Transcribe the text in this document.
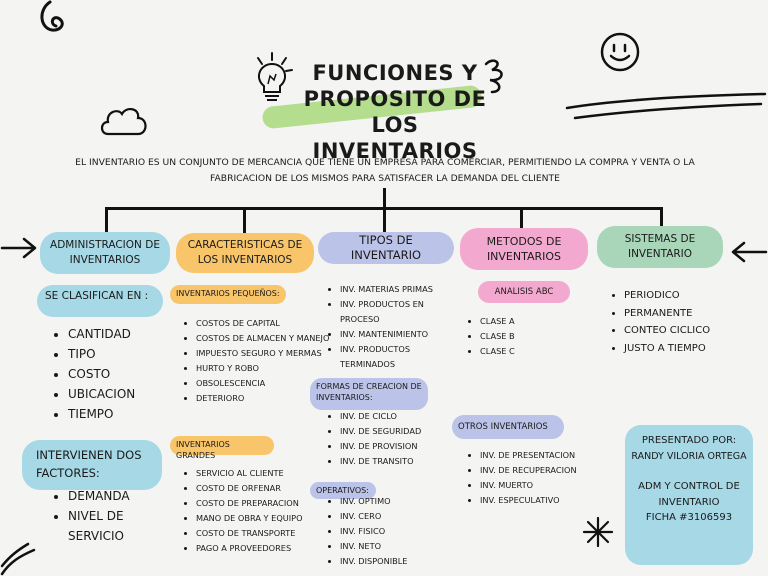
FUNCIONES Y
PROPOSITO DE LOS
INVENTARIOS
EL INVENTARIO ES UN CONJUNTO DE MERCANCIA QUE TIENE UN EMPRESA PARA COMERCIAR, PERMITIENDO LA COMPRA Y VENTA O LA FABRICACION DE LOS MISMOS PARA SATISFACER LA DEMANDA DEL CLIENTE
ADMINISTRACION DE INVENTARIOS
SE CLASIFICAN EN :
• CANTIDAD
• TIPO
• COSTO
• UBICACION
• TIEMPO
INTERVIENEN DOS FACTORES:
• DEMANDA
• NIVEL DE SERVICIO
CARACTERISTICAS DE LOS INVENTARIOS
INVENTARIOS PEQUEÑOS:
• COSTOS DE CAPITAL
• COSTOS DE ALMACEN Y MANEJO
• IMPUESTO SEGURO Y MERMAS
• HURTO Y ROBO
• OBSOLESCENCIA
• DETERIORO
INVENTARIOS GRANDES
• SERVICIO AL CLIENTE
• COSTO DE ORFENAR
• COSTO DE PREPARACION
• MANO DE OBRA Y EQUIPO
• COSTO DE TRANSPORTE
• PAGO A PROVEEDORES
TIPOS DE INVENTARIO
• INV. MATERIAS PRIMAS
• INV. PRODUCTOS EN PROCESO
• INV. MANTENIMIENTO
• INV. PRODUCTOS TERMINADOS
FORMAS DE CREACION DE INVENTARIOS:
• INV. DE CICLO
• INV. DE SEGURIDAD
• INV. DE PROVISION
• INV. DE TRANSITO
OPERATIVOS:
• INV. OPTIMO
• INV. CERO
• INV. FISICO
• INV. NETO
• INV. DISPONIBLE
METODOS DE INVENTARIOS
ANALISIS ABC
• CLASE A
• CLASE B
• CLASE C
OTROS INVENTARIOS
• INV. DE PRESENTACION
• INV. DE RECUPERACION
• INV. MUERTO
• INV. ESPECULATIVO
SISTEMAS DE INVENTARIO
• PERIODICO
• PERMANENTE
• CONTEO CICLICO
• JUSTO A TIEMPO
PRESENTADO POR:
RANDY VILORIA ORTEGA
ADM Y CONTROL DE INVENTARIO
FICHA #3106593
